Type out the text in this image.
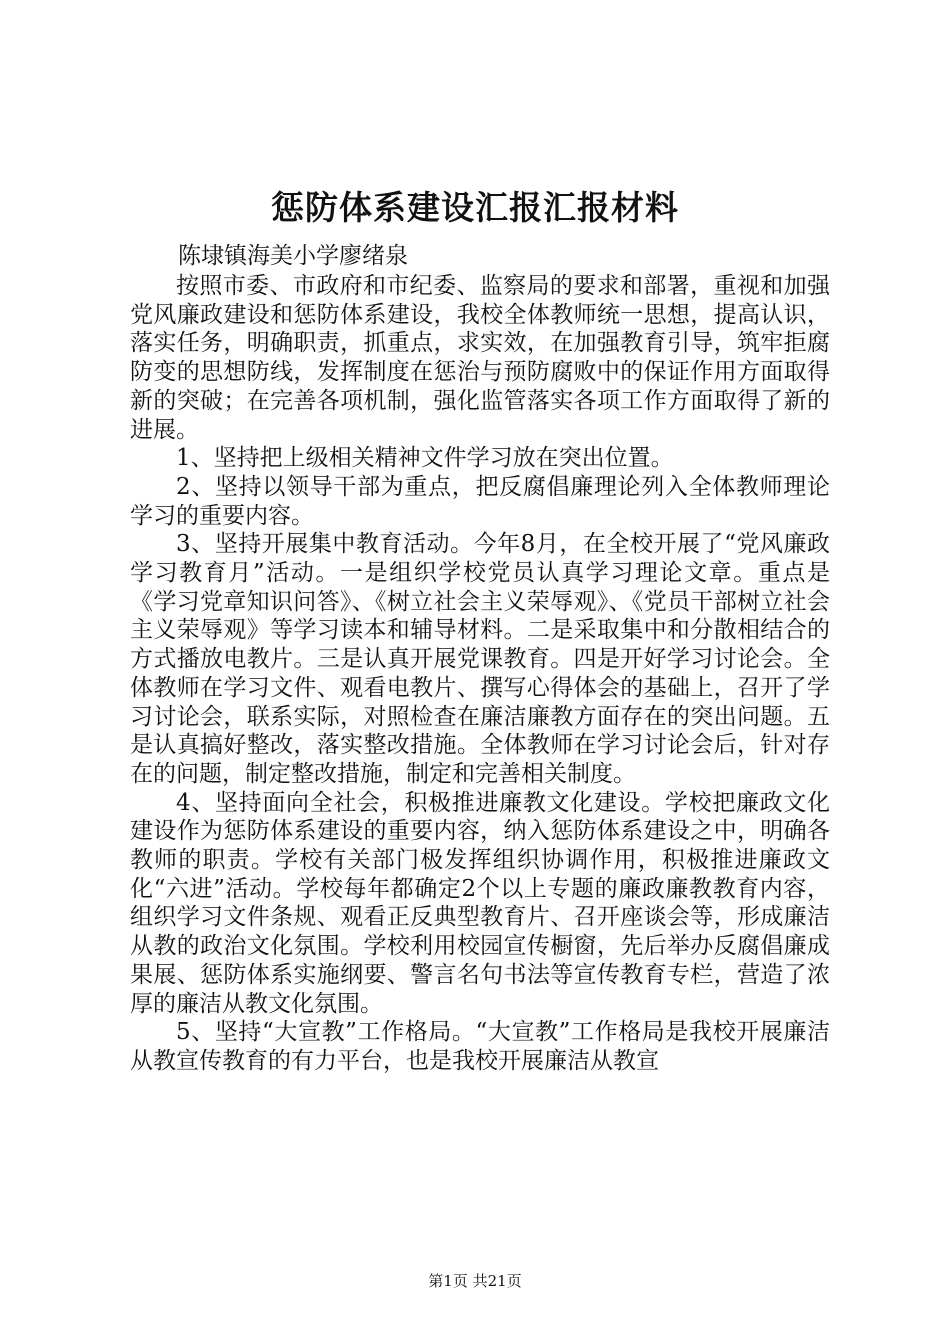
惩防体系建设汇报汇报材料

陈埭镇海美小学廖绪泉

按照市委、市政府和市纪委、监察局的要求和部署，重视和加强党风廉政建设和惩防体系建设，我校全体教师统一思想，提高认识，落实任务，明确职责，抓重点，求实效，在加强教育引导，筑牢拒腐防变的思想防线，发挥制度在惩治与预防腐败中的保证作用方面取得新的突破；在完善各项机制，强化监管落实各项工作方面取得了新的进展。

1、坚持把上级相关精神文件学习放在突出位置。

2、坚持以领导干部为重点，把反腐倡廉理论列入全体教师理论学习的重要内容。

3、坚持开展集中教育活动。今年8月，在全校开展了“党风廉政学习教育月”活动。一是组织学校党员认真学习理论文章。重点是《学习党章知识问答》、《树立社会主义荣辱观》、《党员干部树立社会主义荣辱观》等学习读本和辅导材料。二是采取集中和分散相结合的方式播放电教片。三是认真开展党课教育。四是开好学习讨论会。全体教师在学习文件、观看电教片、撰写心得体会的基础上，召开了学习讨论会，联系实际，对照检查在廉洁廉教方面存在的突出问题。五是认真搞好整改，落实整改措施。全体教师在学习讨论会后，针对存在的问题，制定整改措施，制定和完善相关制度。

4、坚持面向全社会，积极推进廉教文化建设。学校把廉政文化建设作为惩防体系建设的重要内容，纳入惩防体系建设之中，明确各教师的职责。学校有关部门极发挥组织协调作用，积极推进廉政文化“六进”活动。学校每年都确定2个以上专题的廉政廉教教育内容，组织学习文件条规、观看正反典型教育片、召开座谈会等，形成廉洁从教的政治文化氛围。学校利用校园宣传橱窗，先后举办反腐倡廉成果展、惩防体系实施纲要、警言名句书法等宣传教育专栏，营造了浓厚的廉洁从教文化氛围。

5、坚持“大宣教”工作格局。“大宣教”工作格局是我校开展廉洁从教宣传教育的有力平台，也是我校开展廉洁从教宣

第1页 共21页
